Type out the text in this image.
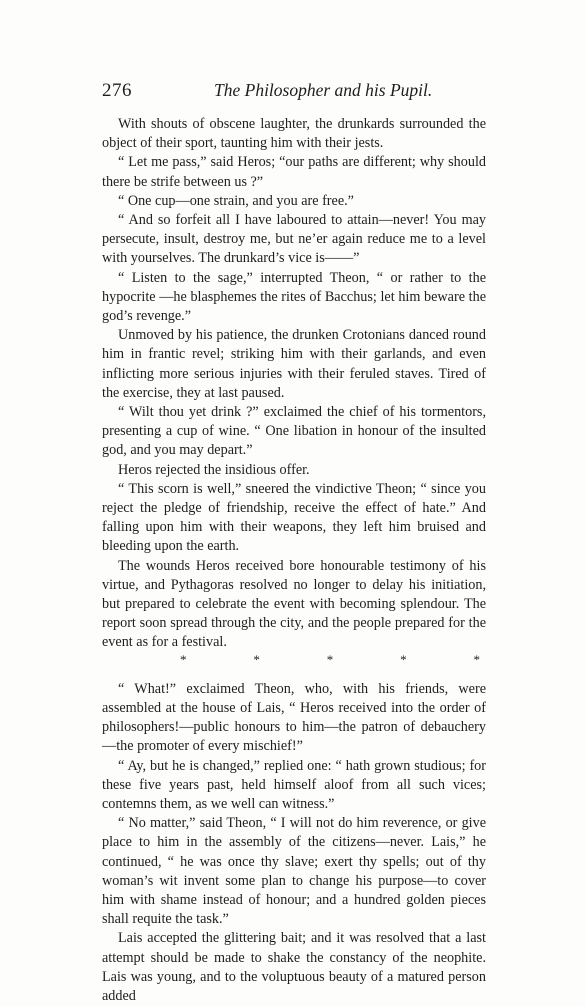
276	The Philosopher and his Pupil.

With shouts of obscene laughter, the drunkards surrounded the object of their sport, taunting him with their jests.

“ Let me pass,” said Heros; “our paths are different; why should there be strife between us ?”

“ One cup—one strain, and you are free.”

“ And so forfeit all I have laboured to attain—never! You may persecute, insult, destroy me, but ne’er again reduce me to a level with yourselves. The drunkard’s vice is——”

“ Listen to the sage,” interrupted Theon, “ or rather to the hypocrite —he blasphemes the rites of Bacchus; let him beware the god’s revenge.”

Unmoved by his patience, the drunken Crotonians danced round him in frantic revel; striking him with their garlands, and even inflicting more serious injuries with their feruled staves. Tired of the exercise, they at last paused.

“ Wilt thou yet drink ?” exclaimed the chief of his tormentors, presenting a cup of wine. “ One libation in honour of the insulted god, and you may depart.”

Heros rejected the insidious offer.

“ This scorn is well,” sneered the vindictive Theon; “ since you reject the pledge of friendship, receive the effect of hate.” And falling upon him with their weapons, they left him bruised and bleeding upon the earth.

The wounds Heros received bore honourable testimony of his virtue, and Pythagoras resolved no longer to delay his initiation, but prepared to celebrate the event with becoming splendour. The report soon spread through the city, and the people prepared for the event as for a festival.

*	*	*	*	*

“ What!” exclaimed Theon, who, with his friends, were assembled at the house of Lais, “ Heros received into the order of philosophers!—public honours to him—the patron of debauchery—the promoter of every mischief!”

“ Ay, but he is changed,” replied one: “ hath grown studious; for these five years past, held himself aloof from all such vices; contemns them, as we well can witness.”

“ No matter,” said Theon, “ I will not do him reverence, or give place to him in the assembly of the citizens—never. Lais,” he continued, “ he was once thy slave; exert thy spells; out of thy woman’s wit invent some plan to change his purpose—to cover him with shame instead of honour; and a hundred golden pieces shall requite the task.”

Lais accepted the glittering bait; and it was resolved that a last attempt should be made to shake the constancy of the neophite. Lais was young, and to the voluptuous beauty of a matured person added
